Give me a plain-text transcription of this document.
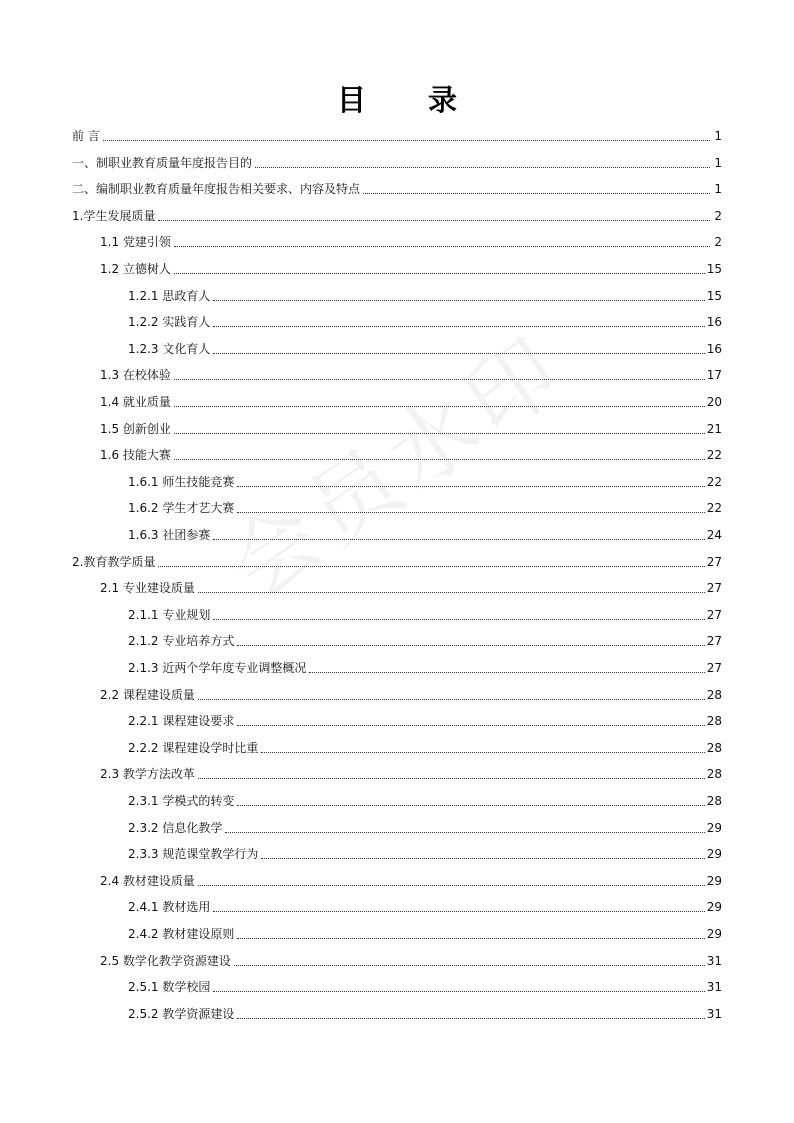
会员水印
目 录
前 言	1
一、制职业教育质量年度报告目的	1
二、编制职业教育质量年度报告相关要求、内容及特点	1
1.学生发展质量	2
1.1 党建引领	2
1.2 立德树人	15
1.2.1 思政育人	15
1.2.2 实践育人	16
1.2.3 文化育人	16
1.3 在校体验	17
1.4 就业质量	20
1.5 创新创业	21
1.6 技能大赛	22
1.6.1 师生技能竞赛	22
1.6.2 学生才艺大赛	22
1.6.3 社团参赛	24
2.教育教学质量	27
2.1 专业建设质量	27
2.1.1 专业规划	27
2.1.2 专业培养方式	27
2.1.3 近两个学年度专业调整概况	27
2.2 课程建设质量	28
2.2.1 课程建设要求	28
2.2.2 课程建设学时比重	28
2.3 教学方法改革	28
2.3.1 学模式的转变	28
2.3.2 信息化教学	29
2.3.3 规范课堂教学行为	29
2.4 教材建设质量	29
2.4.1 教材选用	29
2.4.2 教材建设原则	29
2.5 数学化教学资源建设	31
2.5.1 数学校园	31
2.5.2 教学资源建设	31
